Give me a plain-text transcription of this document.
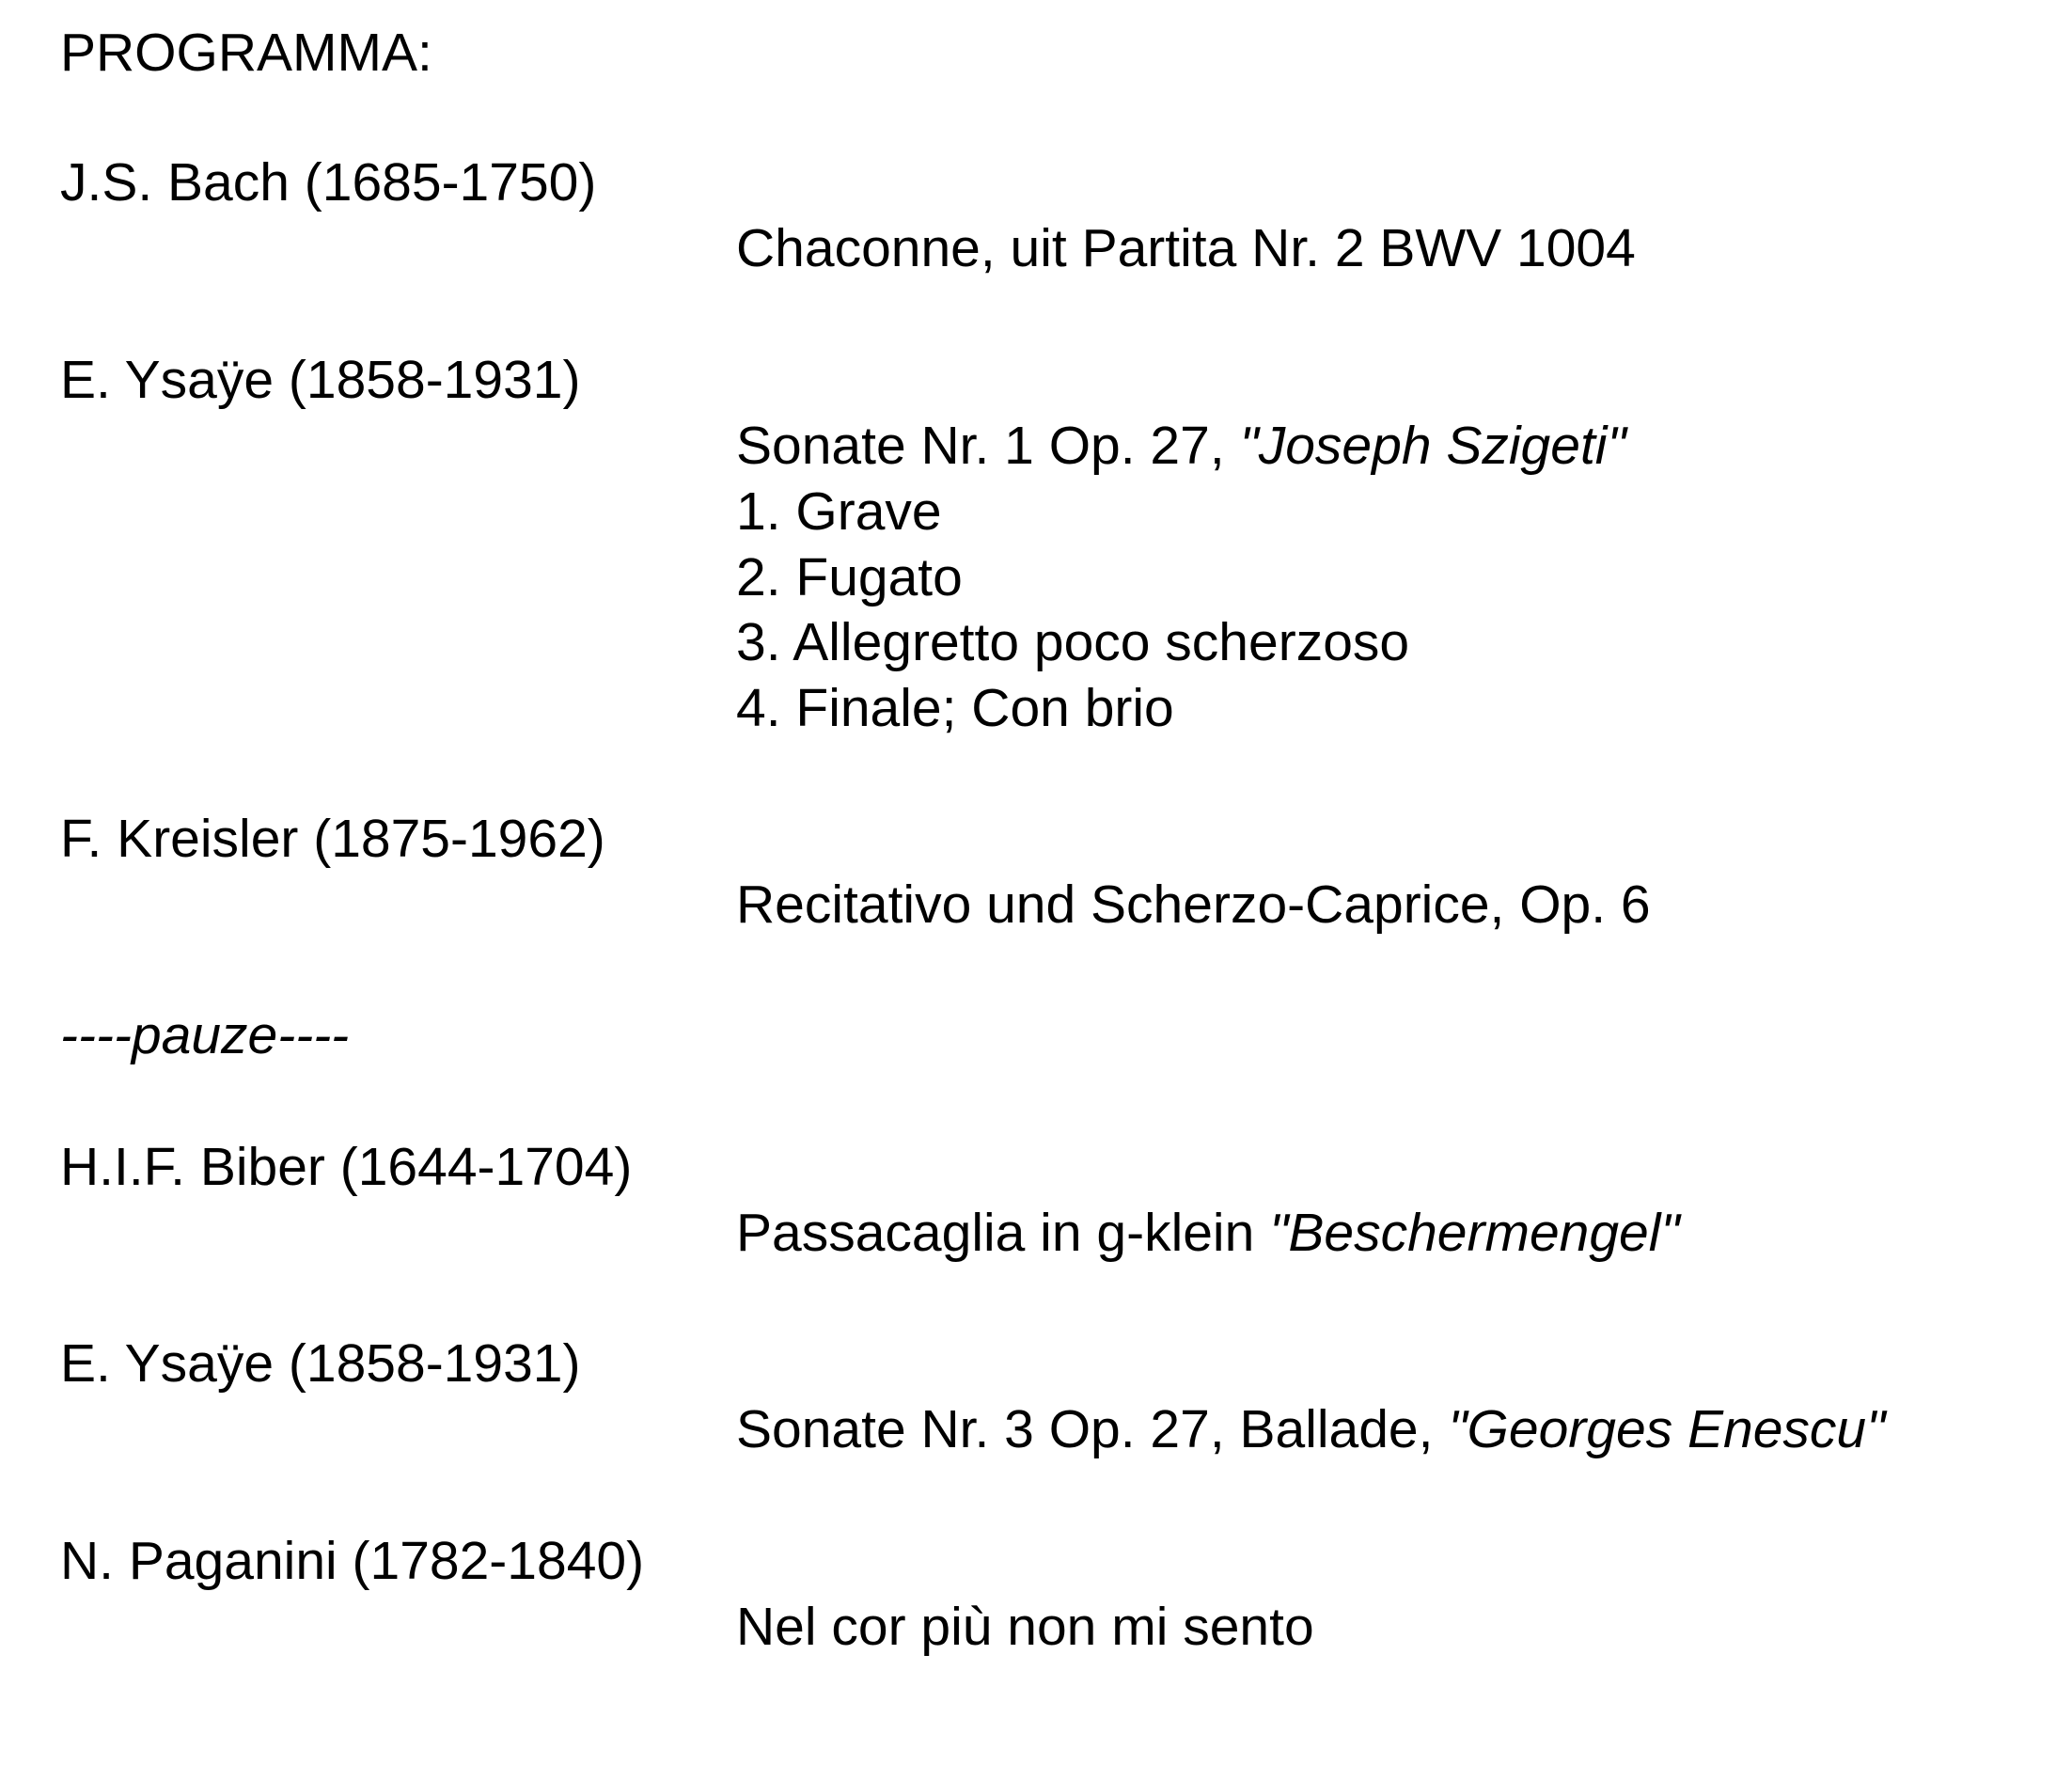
PROGRAMMA:
J.S. Bach (1685-1750)
Chaconne, uit Partita Nr. 2 BWV 1004
E. Ysaÿe (1858-1931)
Sonate Nr. 1 Op. 27, "Joseph Szigeti"
1. Grave
2. Fugato
3. Allegretto poco scherzoso
4. Finale; Con brio
F. Kreisler (1875-1962)
Recitativo und Scherzo-Caprice, Op. 6
----pauze----
H.I.F. Biber (1644-1704)
Passacaglia in g-klein "Beschermengel"
E. Ysaÿe (1858-1931)
Sonate Nr. 3 Op. 27, Ballade, "Georges Enescu"
N. Paganini (1782-1840)
Nel cor più non mi sento
